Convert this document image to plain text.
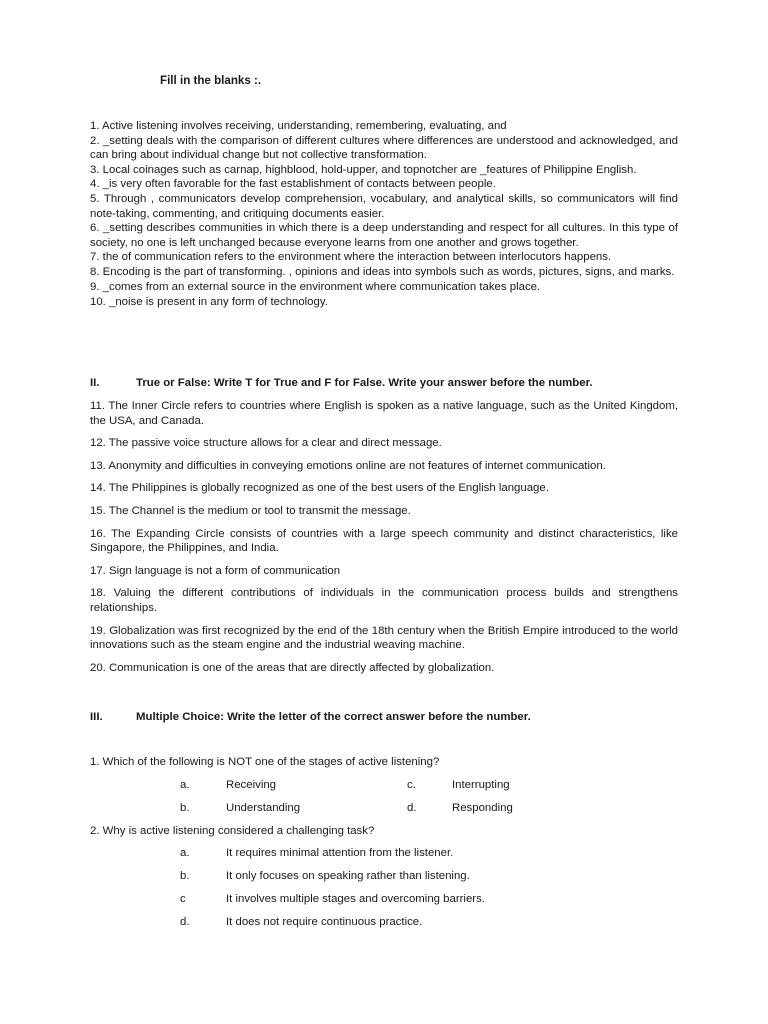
Fill in the blanks :.

1. Active listening involves receiving, understanding, remembering, evaluating, and

2. _setting deals with the comparison of different cultures where differences are understood and acknowledged, and can bring about individual change but not collective transformation.

3. Local coinages such as carnap, highblood, hold-upper, and topnotcher are _features of Philippine English.

4. _is very often favorable for the fast establishment of contacts between people.

5. Through , communicators develop comprehension, vocabulary, and analytical skills, so communicators will find note-taking, commenting, and critiquing documents easier.

6. _setting describes communities in which there is a deep understanding and respect for all cultures. In this type of society, no one is left unchanged because everyone learns from one another and grows together.

7. the of communication refers to the environment where the interaction between interlocutors happens.

8. Encoding is the part of transforming. , opinions and ideas into symbols such as words, pictures, signs, and marks.

9. _comes from an external source in the environment where communication takes place.

10. _noise is present in any form of technology.

II.	True or False: Write T for True and F for False. Write your answer before the number.

11. The Inner Circle refers to countries where English is spoken as a native language, such as the United Kingdom, the USA, and Canada.

12. The passive voice structure allows for a clear and direct message.

13. Anonymity and difficulties in conveying emotions online are not features of internet communication.

14. The Philippines is globally recognized as one of the best users of the English language.

15. The Channel is the medium or tool to transmit the message.

16. The Expanding Circle consists of countries with a large speech community and distinct characteristics, like Singapore, the Philippines, and India.

17. Sign language is not a form of communication

18. Valuing the different contributions of individuals in the communication process builds and strengthens relationships.

19. Globalization was first recognized by the end of the 18th century when the British Empire introduced to the world innovations such as the steam engine and the industrial weaving machine.

20. Communication is one of the areas that are directly affected by globalization.

III.	Multiple Choice: Write the letter of the correct answer before the number.
1. Which of the following is NOT one of the stages of active listening?
a.	Receiving	c.	Interrupting
b.	Understanding	d.	Responding
2. Why is active listening considered a challenging task?
a.	It requires minimal attention from the listener.
b.	It only focuses on speaking rather than listening.
c	It involves multiple stages and overcoming barriers.
d.	It does not require continuous practice.
